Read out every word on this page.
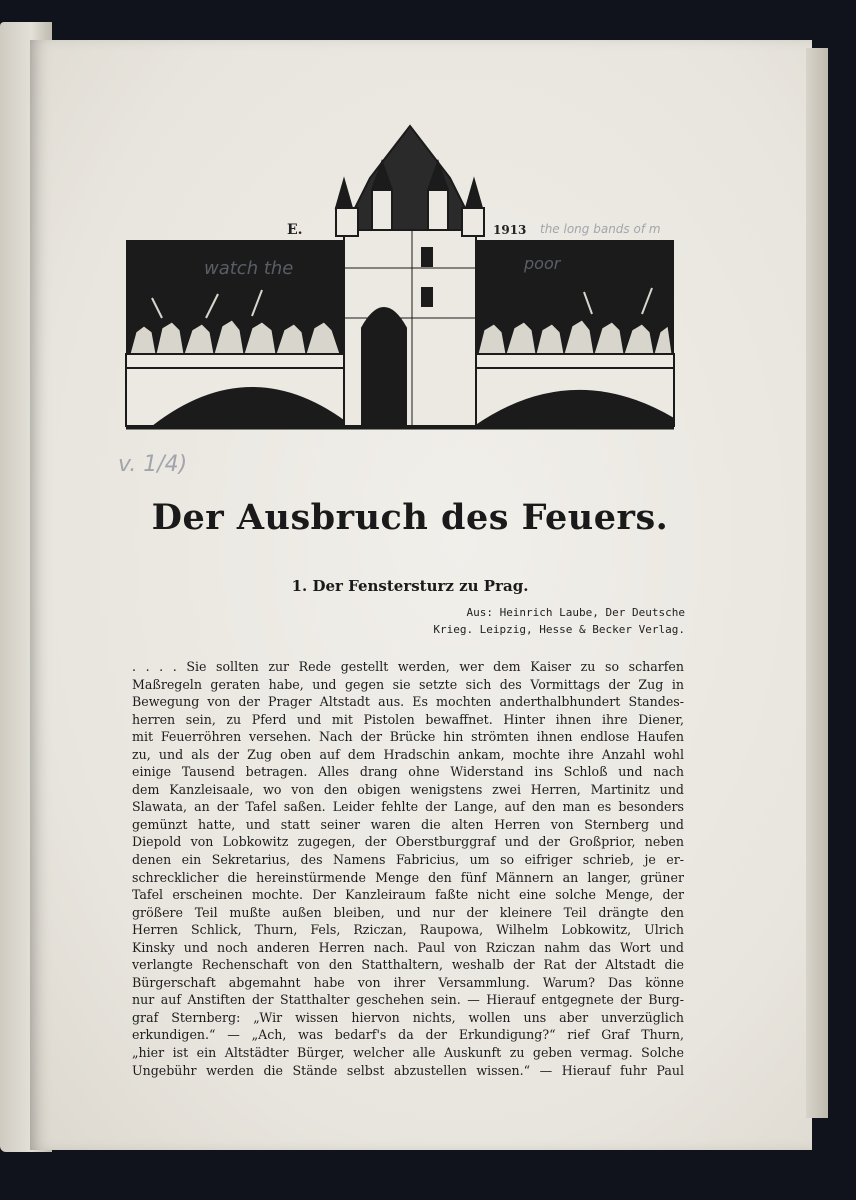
E.	1913 the long bands of m
watch the	poor
v. 1/4)
Der Ausbruch des Feuers.
1. Der Fenstersturz zu Prag.
Aus: Heinrich Laube, Der Deutsche
Krieg. Leipzig, Hesse & Becker Verlag.
. . . . Sie sollten zur Rede gestellt werden, wer dem Kaiser zu so scharfen
Maßregeln geraten habe, und gegen sie setzte sich des Vormittags der Zug in
Bewegung von der Prager Altstadt aus. Es mochten anderthalbhundert Standes-
herren sein, zu Pferd und mit Pistolen bewaffnet. Hinter ihnen ihre Diener,
mit Feuerröhren versehen. Nach der Brücke hin strömten ihnen endlose Haufen
zu, und als der Zug oben auf dem Hradschin ankam, mochte ihre Anzahl wohl
einige Tausend betragen. Alles drang ohne Widerstand ins Schloß und nach
dem Kanzleisaale, wo von den obigen wenigstens zwei Herren, Martinitz und
Slawata, an der Tafel saßen. Leider fehlte der Lange, auf den man es besonders
gemünzt hatte, und statt seiner waren die alten Herren von Sternberg und
Diepold von Lobkowitz zugegen, der Oberstburggraf und der Großprior, neben
denen ein Sekretarius, des Namens Fabricius, um so eifriger schrieb, je er-
schrecklicher die hereinstürmende Menge den fünf Männern an langer, grüner
Tafel erscheinen mochte. Der Kanzleiraum faßte nicht eine solche Menge, der
größere Teil mußte außen bleiben, und nur der kleinere Teil drängte den
Herren Schlick, Thurn, Fels, Rziczan, Raupowa, Wilhelm Lobkowitz, Ulrich
Kinsky und noch anderen Herren nach. Paul von Rziczan nahm das Wort und
verlangte Rechenschaft von den Statthaltern, weshalb der Rat der Altstadt die
Bürgerschaft abgemahnt habe von ihrer Versammlung. Warum? Das könne
nur auf Anstiften der Statthalter geschehen sein. — Hierauf entgegnete der Burg-
graf Sternberg: „Wir wissen hiervon nichts, wollen uns aber unverzüglich
erkundigen.“ — „Ach, was bedarf's da der Erkundigung?“ rief Graf Thurn,
„hier ist ein Altstädter Bürger, welcher alle Auskunft zu geben vermag. Solche
Ungebühr werden die Stände selbst abzustellen wissen.“ — Hierauf fuhr Paul
